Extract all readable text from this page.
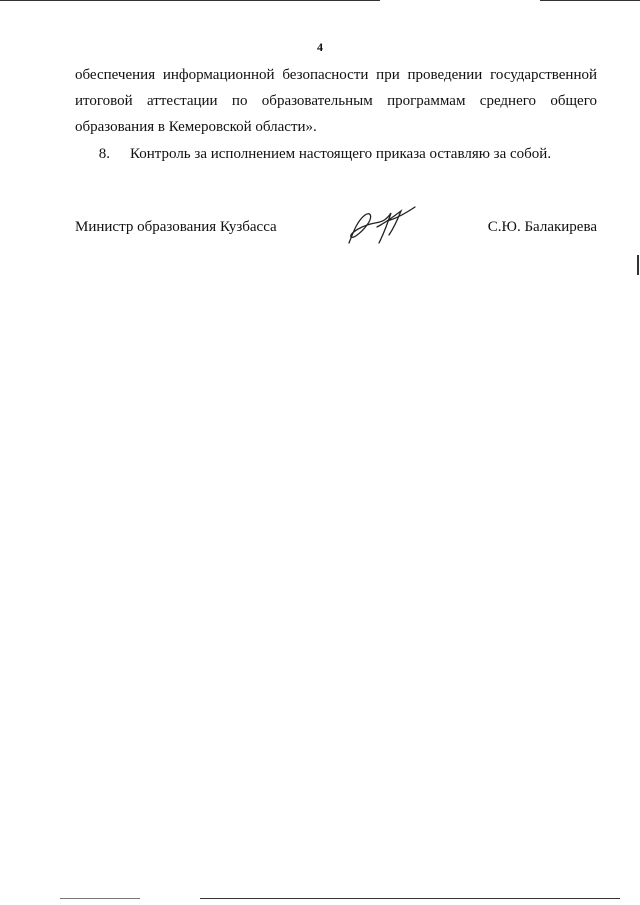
4
обеспечения информационной безопасности при проведении государственной
итоговой аттестации по образовательным программам среднего общего
образования в Кемеровской области».
8. Контроль за исполнением настоящего приказа оставляю за собой.
Министр образования Кузбасса	С.Ю. Балакирева
